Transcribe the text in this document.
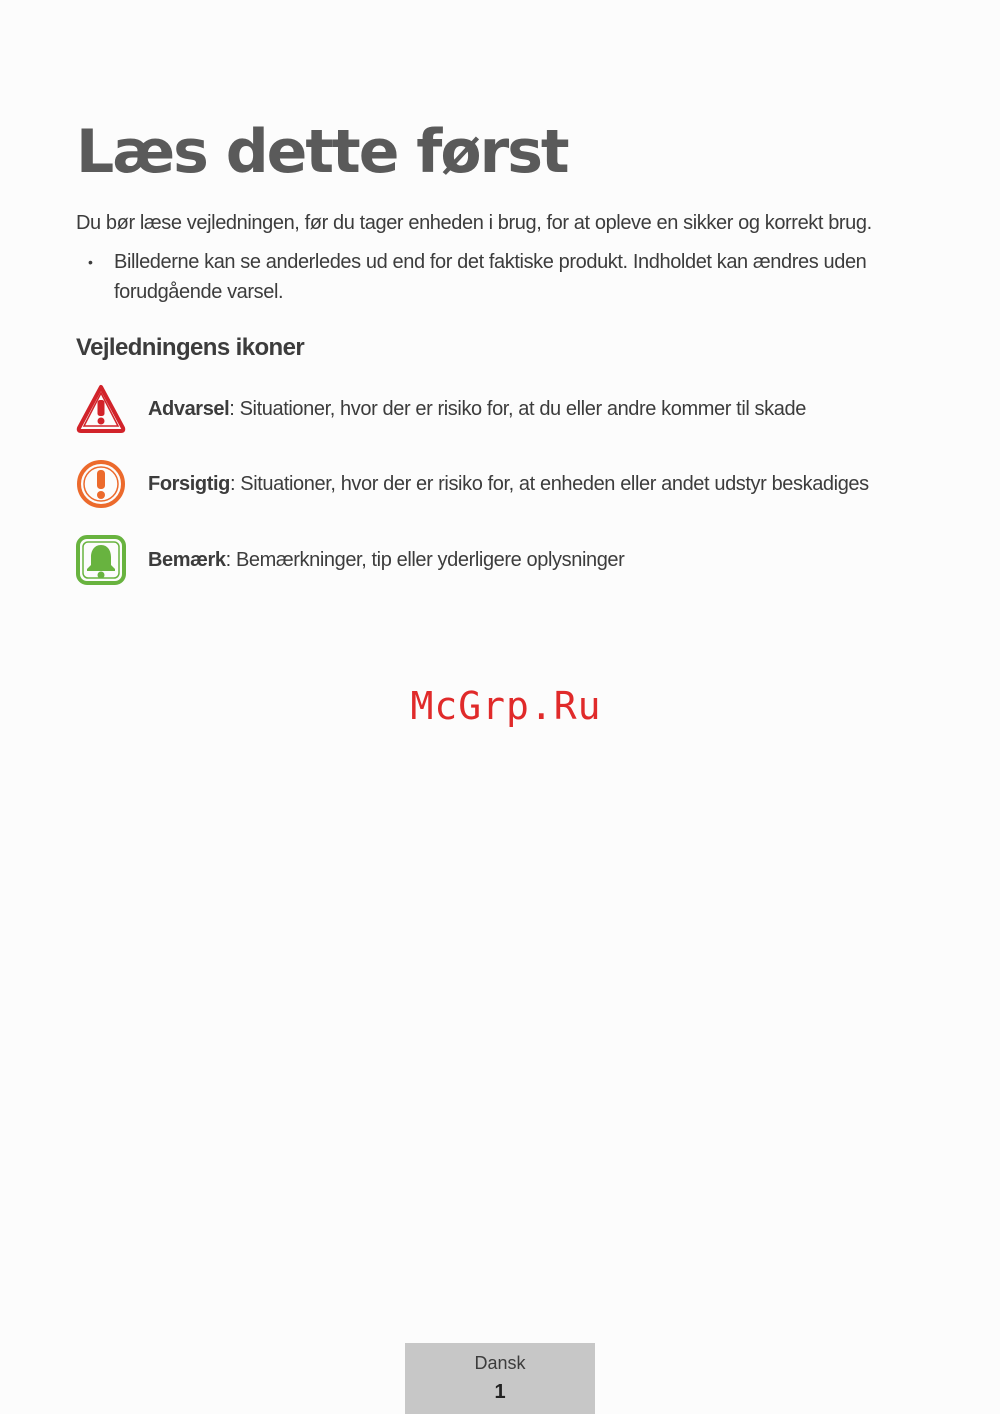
Læs dette først

Du bør læse vejledningen, før du tager enheden i brug, for at opleve en sikker og korrekt brug.

• Billederne kan se anderledes ud end for det faktiske produkt. Indholdet kan ændres uden forudgående varsel.
Vejledningens ikoner
Advarsel: Situationer, hvor der er risiko for, at du eller andre kommer til skade
Forsigtig: Situationer, hvor der er risiko for, at enheden eller andet udstyr beskadiges
Bemærk: Bemærkninger, tip eller yderligere oplysninger
McGrp.Ru
Dansk
1
